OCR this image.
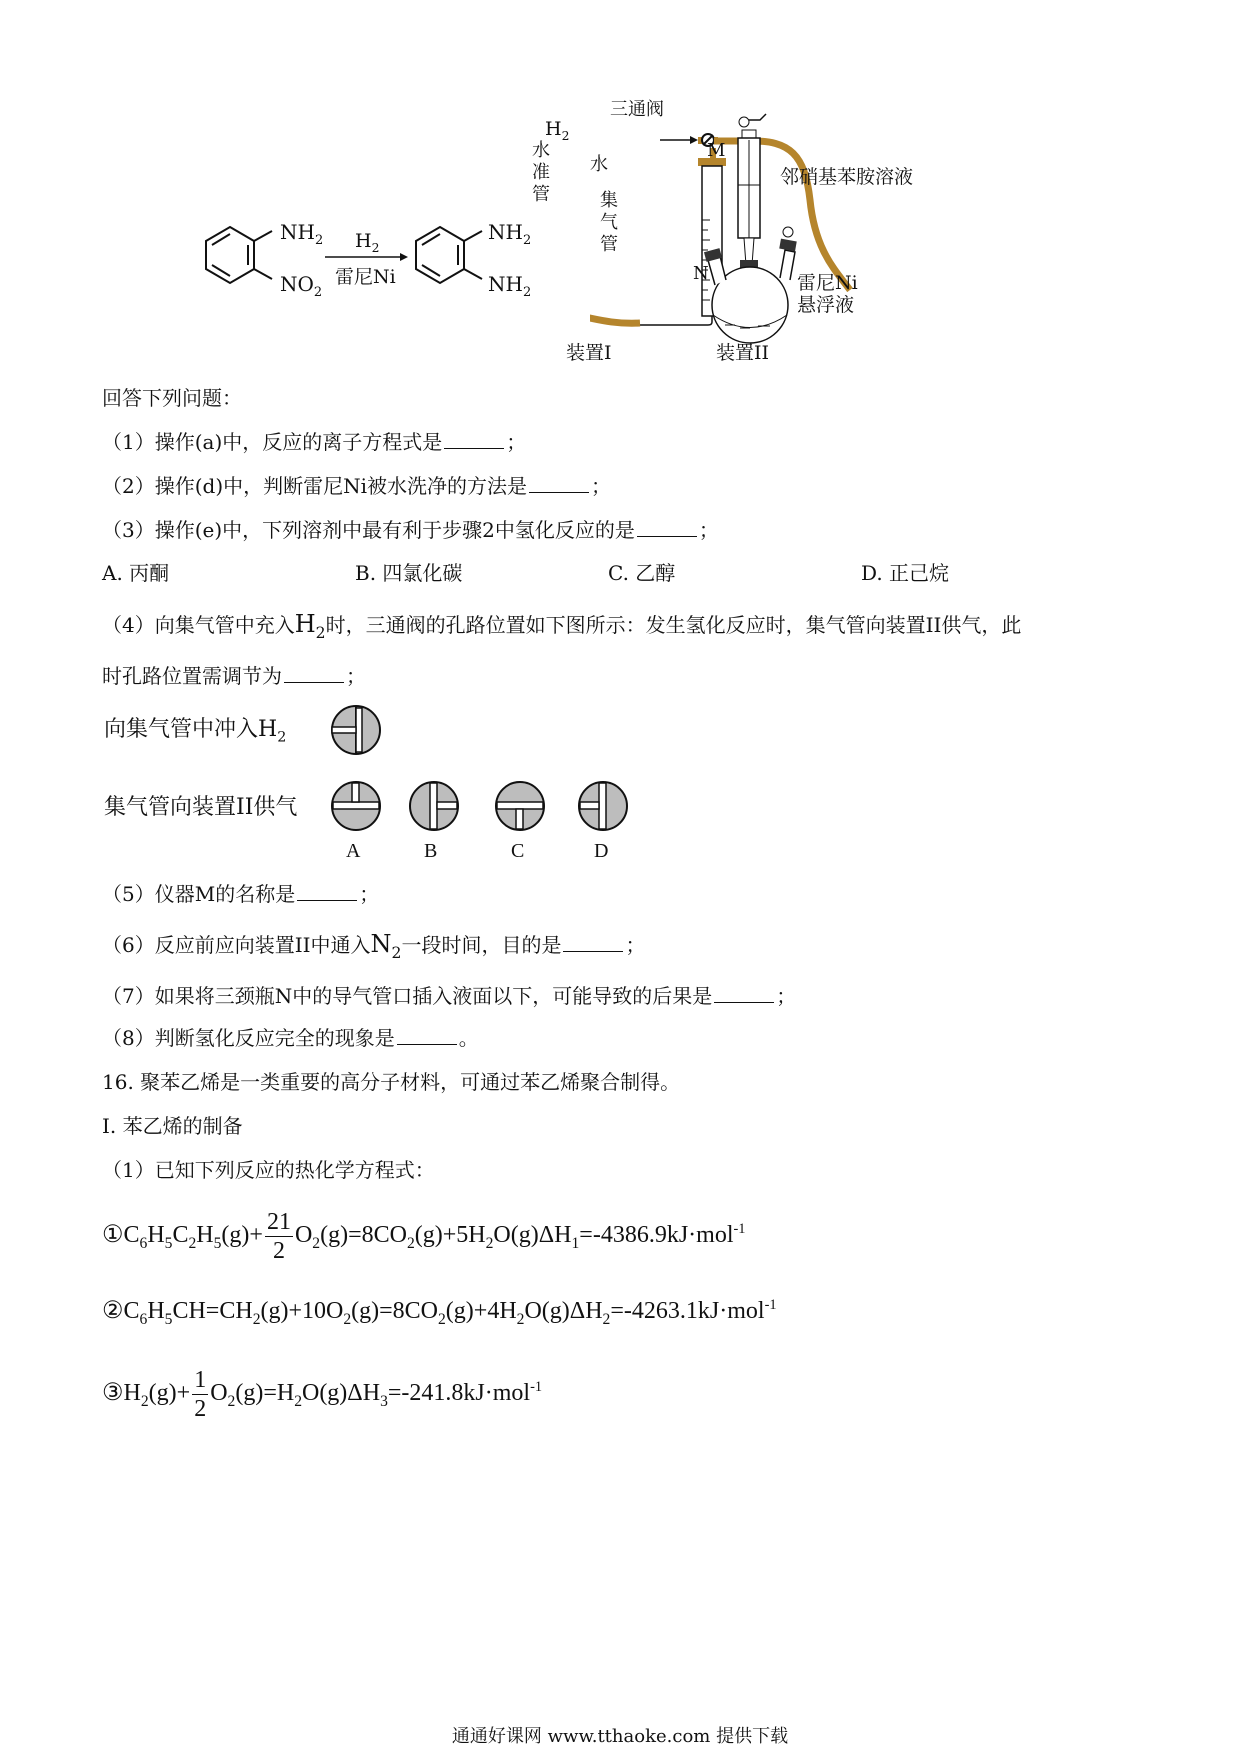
$NH_2$
$NO_2$
$H_2$
雷尼Ni
$NH_2$
$NH_2$
$H_2$
三通阀
水准管
水
集气管
M
邻硝基苯胺溶液
N	雷尼Ni
悬浮液
装置I	装置II
回答下列问题：
（1）操作(a)中，反应的离子方程式是	；
（2）操作(d)中，判断雷尼Ni被水洗净的方法是	；
（3）操作(e)中，下列溶剂中最有利于步骤2中氢化反应的是	；
A. 丙酮	B. 四氯化碳	C. 乙醇	D. 正己烷
（4）向集气管中充入$H_2$时，三通阀的孔路位置如下图所示：发生氢化反应时，集气管向装置II供气，此
时孔路位置需调节为	；
向集气管中冲入$H_2$
集气管向装置II供气
A	B	C	D
（5）仪器M的名称是	；
（6）反应前应向装置II中通入$N_2$一段时间，目的是	；
（7）如果将三颈瓶N中的导气管口插入液面以下，可能导致的后果是	；
（8）判断氢化反应完全的现象是	。
16. 聚苯乙烯是一类重要的高分子材料，可通过苯乙烯聚合制得。
I. 苯乙烯的制备
（1）已知下列反应的热化学方程式：
$①C_6H_5C_2H_5(g)+ \frac{21}{2} O_2(g)=8CO_2(g)+5H_2O(g)\Delta H_1=-4386.9kJ\cdot mol^{-1}$
$②C_6H_5CH=CH_2(g)+10O_2(g)=8CO_2(g)+4H_2O(g)\Delta H_2=-4263.1kJ\cdot mol^{-1}$
$③H_2(g)+ \frac{1}{2} O_2(g)=H_2O(g)\Delta H_3=-241.8kJ\cdot mol^{-1}$
通通好课网 www.tthaoke.com 提供下载
